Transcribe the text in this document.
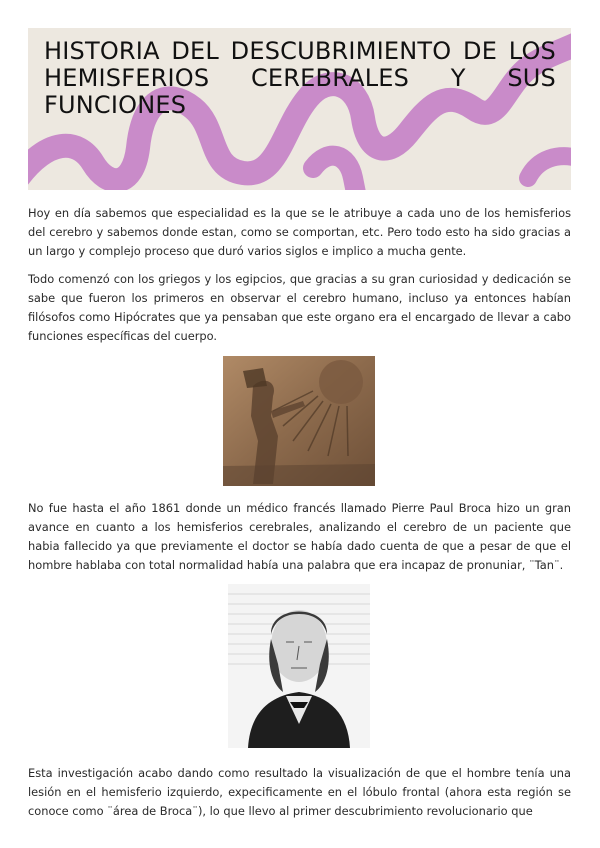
HISTORIA DEL DESCUBRIMIENTO DE LOS HEMISFERIOS CEREBRALES Y SUS FUNCIONES

Hoy en día sabemos que especialidad es la que se le atribuye a cada uno de los hemisferios del cerebro y sabemos donde estan, como se comportan, etc. Pero todo esto ha sido gracias a un largo y complejo proceso que duró varios siglos e implico a mucha gente.

Todo comenzó con los griegos y los egipcios, que gracias a su gran curiosidad y dedicación se sabe que fueron los primeros en observar el cerebro humano, incluso ya entonces habían filósofos como Hipócrates que ya pensaban que este organo era el encargado de llevar a cabo funciones específicas del cuerpo.

No fue hasta el año 1861 donde un médico francés llamado Pierre Paul Broca hizo un gran avance en cuanto a los hemisferios cerebrales, analizando el cerebro de un paciente que habia fallecido ya que previamente el doctor se había dado cuenta de que a pesar de que el hombre hablaba con total normalidad había una palabra que era incapaz de pronuniar, ¨Tan¨.

Esta investigación acabo dando como resultado la visualización de que el hombre tenía una lesión en el hemisferio izquierdo, expecificamente en el lóbulo frontal (ahora esta región se conoce como ¨área de Broca¨), lo que llevo al primer descubrimiento revolucionario que
